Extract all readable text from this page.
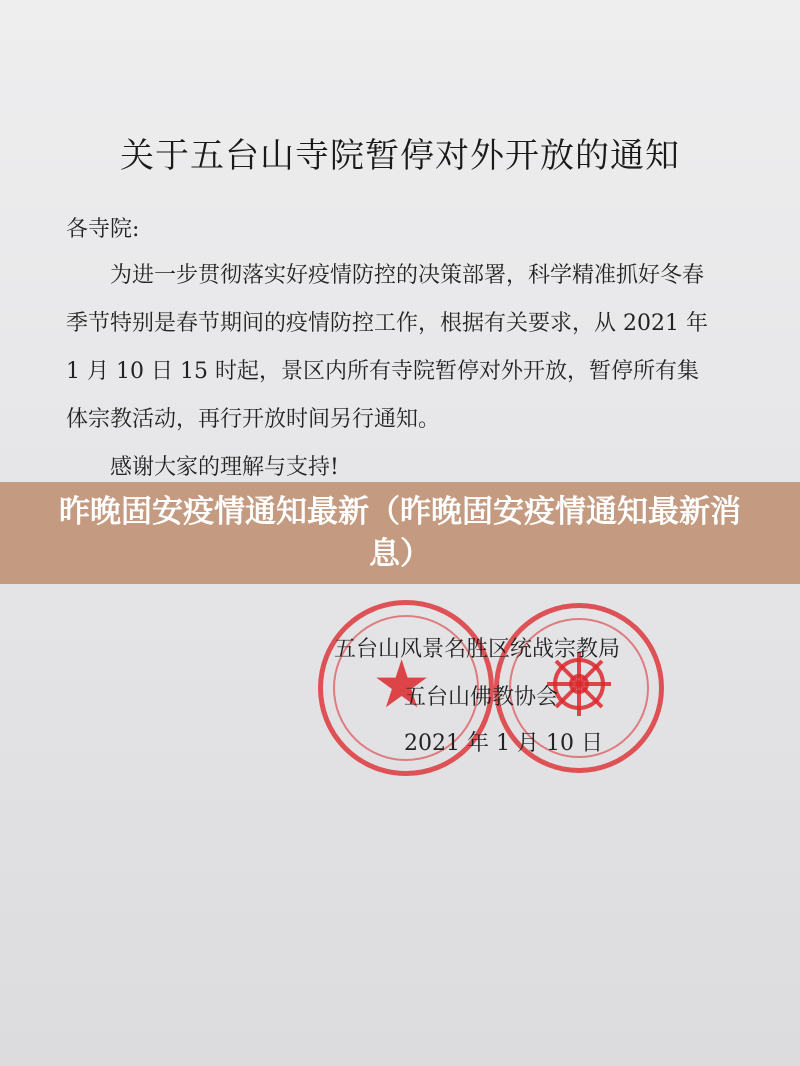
关于五台山寺院暂停对外开放的通知
各寺院:

为进一步贯彻落实好疫情防控的决策部署，科学精准抓好冬春季节特别是春节期间的疫情防控工作，根据有关要求，从 2021 年 1 月 10 日 15 时起，景区内所有寺院暂停对外开放，暂停所有集体宗教活动，再行开放时间另行通知。

感谢大家的理解与支持!

昨晚固安疫情通知最新（昨晚固安疫情通知最新消息）
★
五台山风景名胜区统战宗教局
五台山佛教协会
2021 年 1 月 10 日
